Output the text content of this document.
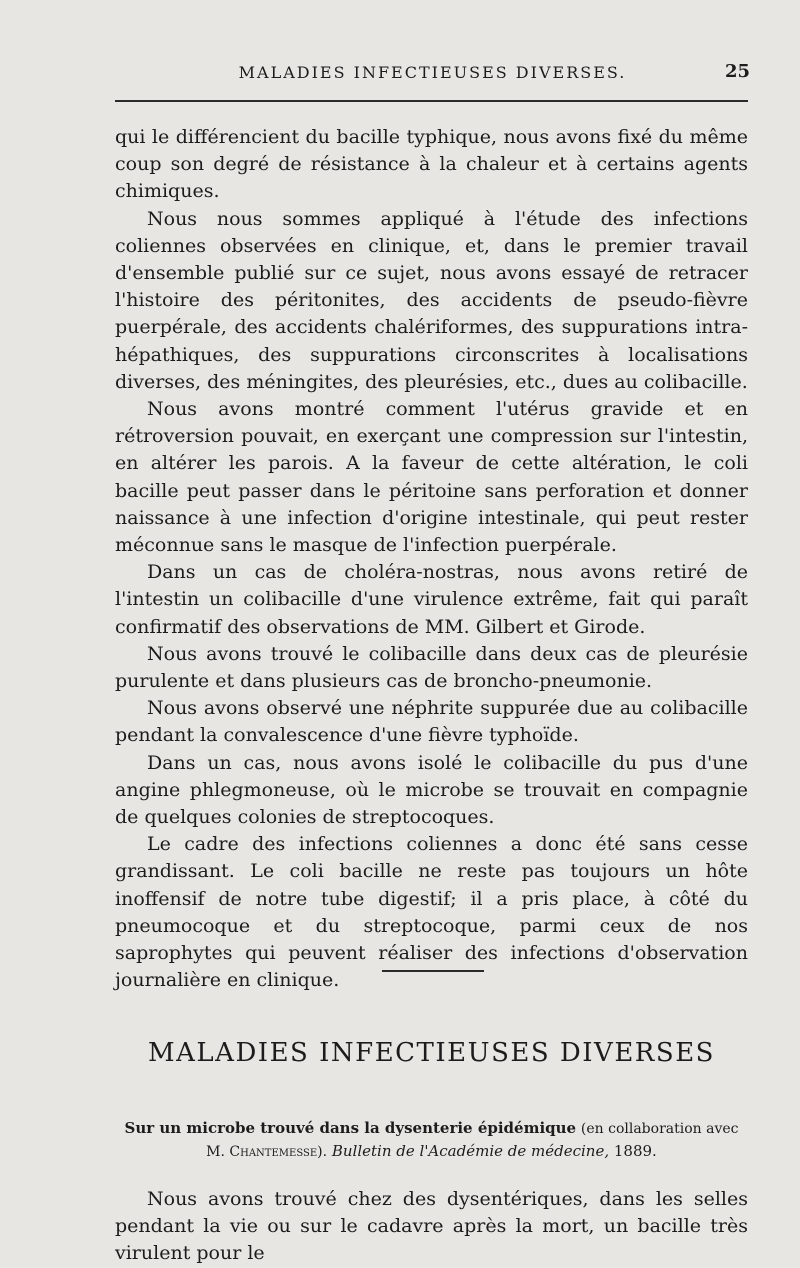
MALADIES INFECTIEUSES DIVERSES.	25

qui le différencient du bacille typhique, nous avons fixé du même coup son degré de résistance à la chaleur et à certains agents chimiques.

Nous nous sommes appliqué à l'étude des infections coliennes observées en clinique, et, dans le premier travail d'ensemble publié sur ce sujet, nous avons essayé de retracer l'histoire des péritonites, des accidents de pseudo-fièvre puerpérale, des accidents chalériformes, des suppurations intra-hépathiques, des suppurations circonscrites à localisations diverses, des méningites, des pleurésies, etc., dues au colibacille.

Nous avons montré comment l'utérus gravide et en rétroversion pouvait, en exerçant une compression sur l'intestin, en altérer les parois. A la faveur de cette altération, le coli bacille peut passer dans le péritoine sans perforation et donner naissance à une infection d'origine intestinale, qui peut rester méconnue sans le masque de l'infection puerpérale.

Dans un cas de choléra-nostras, nous avons retiré de l'intestin un colibacille d'une virulence extrême, fait qui paraît confirmatif des observations de MM. Gilbert et Girode.

Nous avons trouvé le colibacille dans deux cas de pleurésie purulente et dans plusieurs cas de broncho-pneumonie.

Nous avons observé une néphrite suppurée due au colibacille pendant la convalescence d'une fièvre typhoïde.

Dans un cas, nous avons isolé le colibacille du pus d'une angine phlegmoneuse, où le microbe se trouvait en compagnie de quelques colonies de streptocoques.

Le cadre des infections coliennes a donc été sans cesse grandissant. Le coli bacille ne reste pas toujours un hôte inoffensif de notre tube digestif; il a pris place, à côté du pneumocoque et du streptocoque, parmi ceux de nos saprophytes qui peuvent réaliser des infections d'observation journalière en clinique.

MALADIES INFECTIEUSES DIVERSES
Sur un microbe trouvé dans la dysenterie épidémique (en collaboration avec M. Chantemesse). Bulletin de l'Académie de médecine, 1889.

Nous avons trouvé chez des dysentériques, dans les selles pendant la vie ou sur le cadavre après la mort, un bacille très virulent pour le
